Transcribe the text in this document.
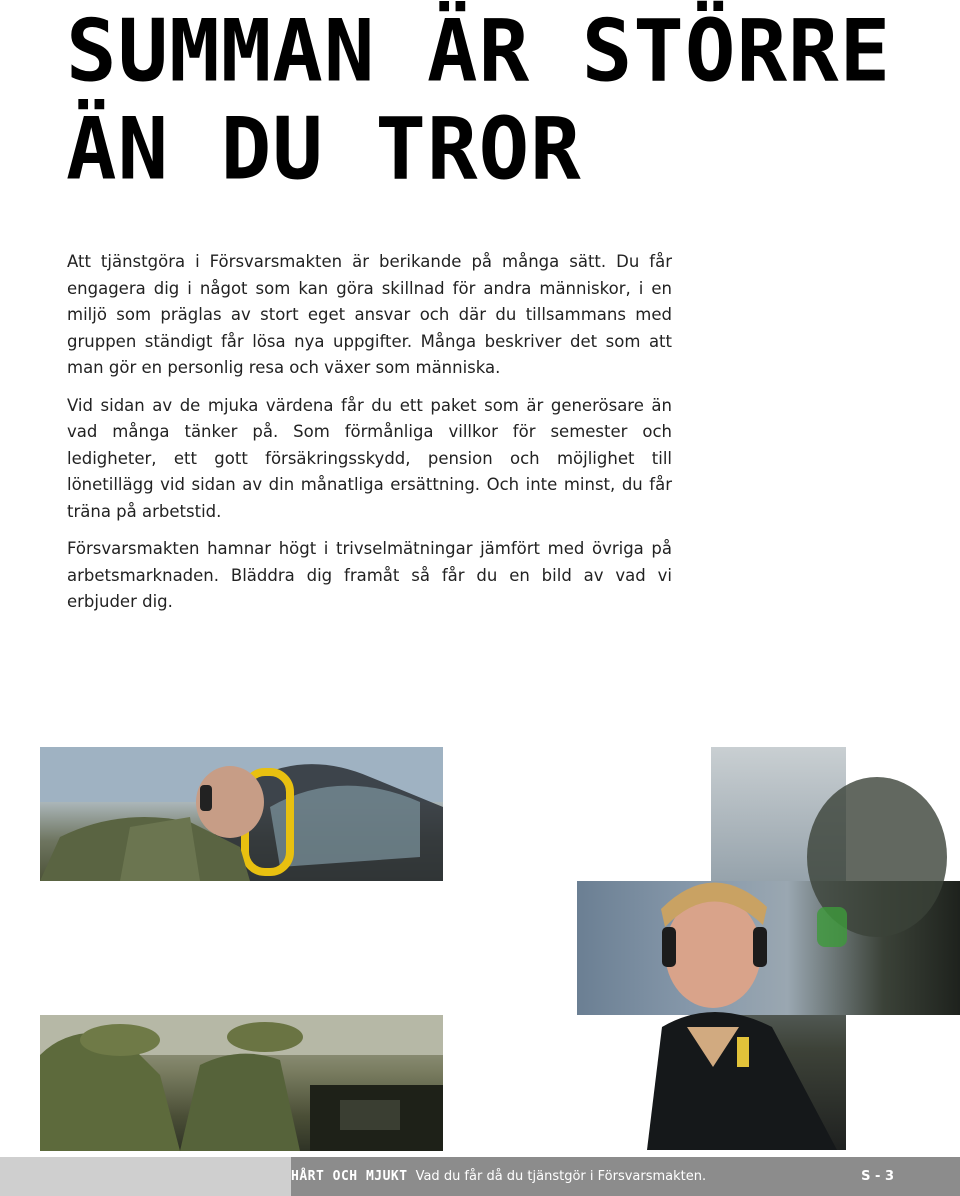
SUMMAN ÄR STÖRRE
ÄN DU TROR

Att tjänstgöra i Försvarsmakten är berikande på många sätt. Du får engagera dig i något som kan göra skillnad för andra människor, i en miljö som präglas av stort eget ansvar och där du tillsammans med gruppen ständigt får lösa nya uppgifter. Många beskriver det som att man gör en personlig resa och växer som människa.

Vid sidan av de mjuka värdena får du ett paket som är generösare än vad många tänker på. Som förmånliga villkor för semester och ledigheter, ett gott försäkringsskydd, pension och möjlighet till lönetillägg vid sidan av din månatliga ersättning. Och inte minst, du får träna på arbetstid.

Försvarsmakten hamnar högt i trivselmätningar jämfört med övriga på arbetsmarknaden. Bläddra dig framåt så får du en bild av vad vi erbjuder dig.

HÅRT OCH MJUKT Vad du får då du tjänstgör i Försvarsmakten.	S - 3
